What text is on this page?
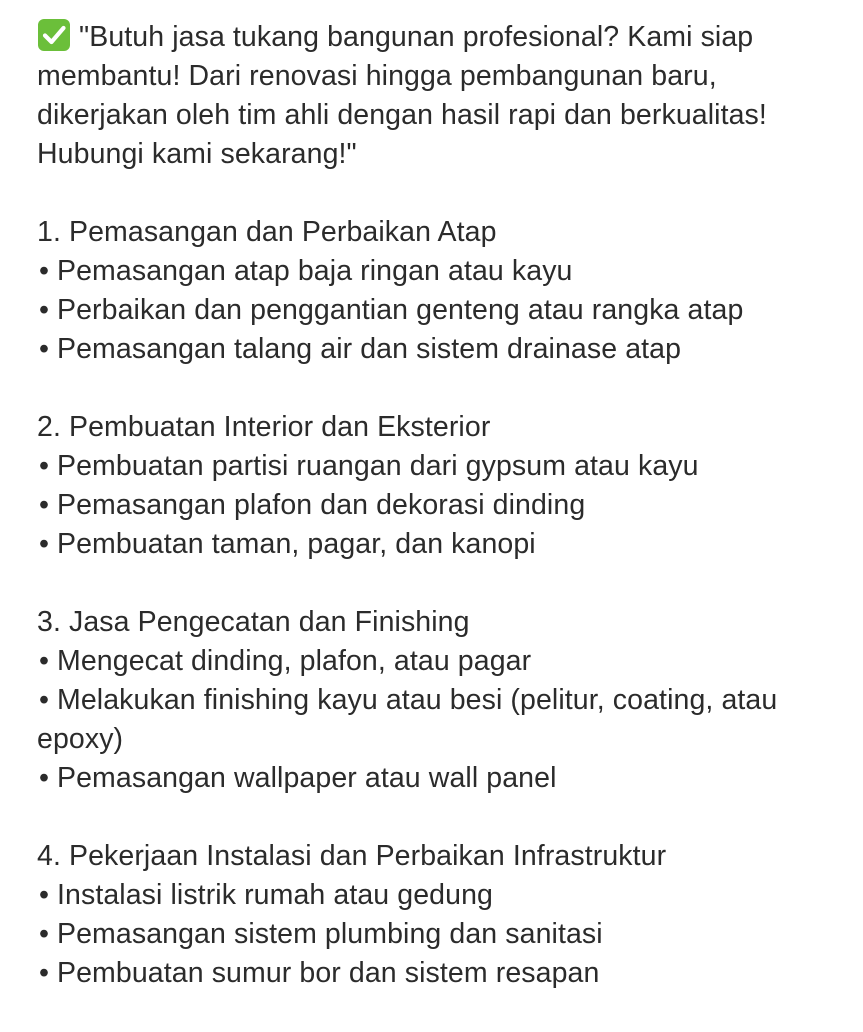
"Butuh jasa tukang bangunan profesional? Kami siap membantu! Dari renovasi hingga pembangunan baru, dikerjakan oleh tim ahli dengan hasil rapi dan berkualitas! Hubungi kami sekarang!"

1. Pemasangan dan Perbaikan Atap
• Pemasangan atap baja ringan atau kayu
• Perbaikan dan penggantian genteng atau rangka atap
• Pemasangan talang air dan sistem drainase atap
2. Pembuatan Interior dan Eksterior
• Pembuatan partisi ruangan dari gypsum atau kayu
• Pemasangan plafon dan dekorasi dinding
• Pembuatan taman, pagar, dan kanopi
3. Jasa Pengecatan dan Finishing
• Mengecat dinding, plafon, atau pagar
• Melakukan finishing kayu atau besi (pelitur, coating, atau epoxy)
• Pemasangan wallpaper atau wall panel
4. Pekerjaan Instalasi dan Perbaikan Infrastruktur
• Instalasi listrik rumah atau gedung
• Pemasangan sistem plumbing dan sanitasi
• Pembuatan sumur bor dan sistem resapan
